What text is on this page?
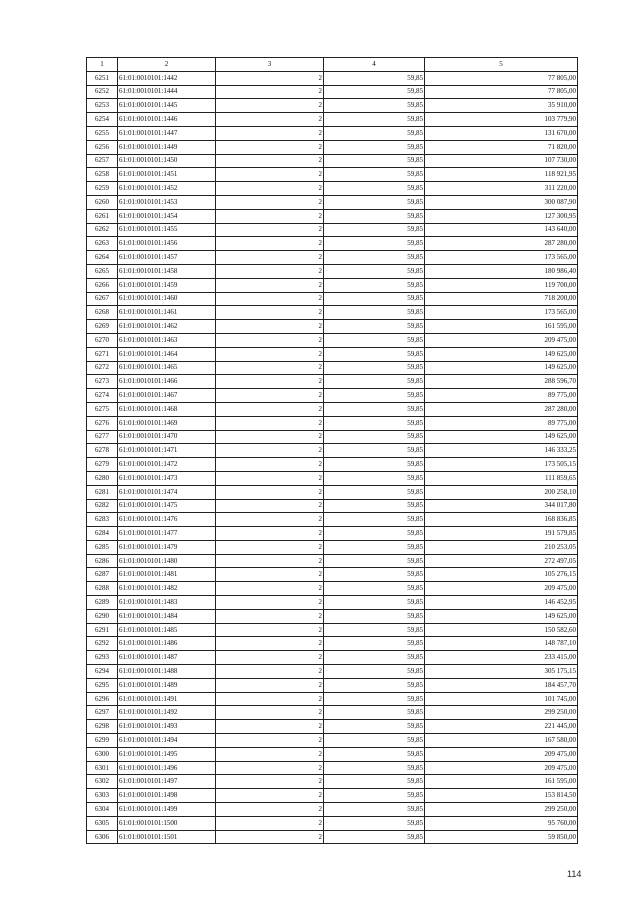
1	2	3	4	5
6251	61:01:0010101:1442	2	59,85	77 805,00
6252	61:01:0010101:1444	2	59,85	77 805,00
6253	61:01:0010101:1445	2	59,85	35 910,00
6254	61:01:0010101:1446	2	59,85	103 779,90
6255	61:01:0010101:1447	2	59,85	131 670,00
6256	61:01:0010101:1449	2	59,85	71 820,00
6257	61:01:0010101:1450	2	59,85	107 730,00
6258	61:01:0010101:1451	2	59,85	118 921,95
6259	61:01:0010101:1452	2	59,85	311 220,00
6260	61:01:0010101:1453	2	59,85	300 087,90
6261	61:01:0010101:1454	2	59,85	127 300,95
6262	61:01:0010101:1455	2	59,85	143 640,00
6263	61:01:0010101:1456	2	59,85	287 280,00
6264	61:01:0010101:1457	2	59,85	173 565,00
6265	61:01:0010101:1458	2	59,85	180 986,40
6266	61:01:0010101:1459	2	59,85	119 700,00
6267	61:01:0010101:1460	2	59,85	718 200,00
6268	61:01:0010101:1461	2	59,85	173 565,00
6269	61:01:0010101:1462	2	59,85	161 595,00
6270	61:01:0010101:1463	2	59,85	209 475,00
6271	61:01:0010101:1464	2	59,85	149 625,00
6272	61:01:0010101:1465	2	59,85	149 625,00
6273	61:01:0010101:1466	2	59,85	288 596,70
6274	61:01:0010101:1467	2	59,85	89 775,00
6275	61:01:0010101:1468	2	59,85	287 280,00
6276	61:01:0010101:1469	2	59,85	89 775,00
6277	61:01:0010101:1470	2	59,85	149 625,00
6278	61:01:0010101:1471	2	59,85	146 333,25
6279	61:01:0010101:1472	2	59,85	173 505,15
6280	61:01:0010101:1473	2	59,85	111 859,65
6281	61:01:0010101:1474	2	59,85	200 258,10
6282	61:01:0010101:1475	2	59,85	344 017,80
6283	61:01:0010101:1476	2	59,85	168 836,85
6284	61:01:0010101:1477	2	59,85	191 579,85
6285	61:01:0010101:1479	2	59,85	210 253,05
6286	61:01:0010101:1480	2	59,85	272 497,05
6287	61:01:0010101:1481	2	59,85	105 276,15
6288	61:01:0010101:1482	2	59,85	209 475,00
6289	61:01:0010101:1483	2	59,85	146 452,95
6290	61:01:0010101:1484	2	59,85	149 625,00
6291	61:01:0010101:1485	2	59,85	150 582,60
6292	61:01:0010101:1486	2	59,85	148 787,10
6293	61:01:0010101:1487	2	59,85	233 415,00
6294	61:01:0010101:1488	2	59,85	305 175,15
6295	61:01:0010101:1489	2	59,85	184 457,70
6296	61:01:0010101:1491	2	59,85	101 745,00
6297	61:01:0010101:1492	2	59,85	299 250,00
6298	61:01:0010101:1493	2	59,85	221 445,00
6299	61:01:0010101:1494	2	59,85	167 580,00
6300	61:01:0010101:1495	2	59,85	209 475,00
6301	61:01:0010101:1496	2	59,85	209 475,00
6302	61:01:0010101:1497	2	59,85	161 595,00
6303	61:01:0010101:1498	2	59,85	153 814,50
6304	61:01:0010101:1499	2	59,85	299 250,00
6305	61:01:0010101:1500	2	59,85	95 760,00
6306	61:01:0010101:1501	2	59,85	59 850,00
114
